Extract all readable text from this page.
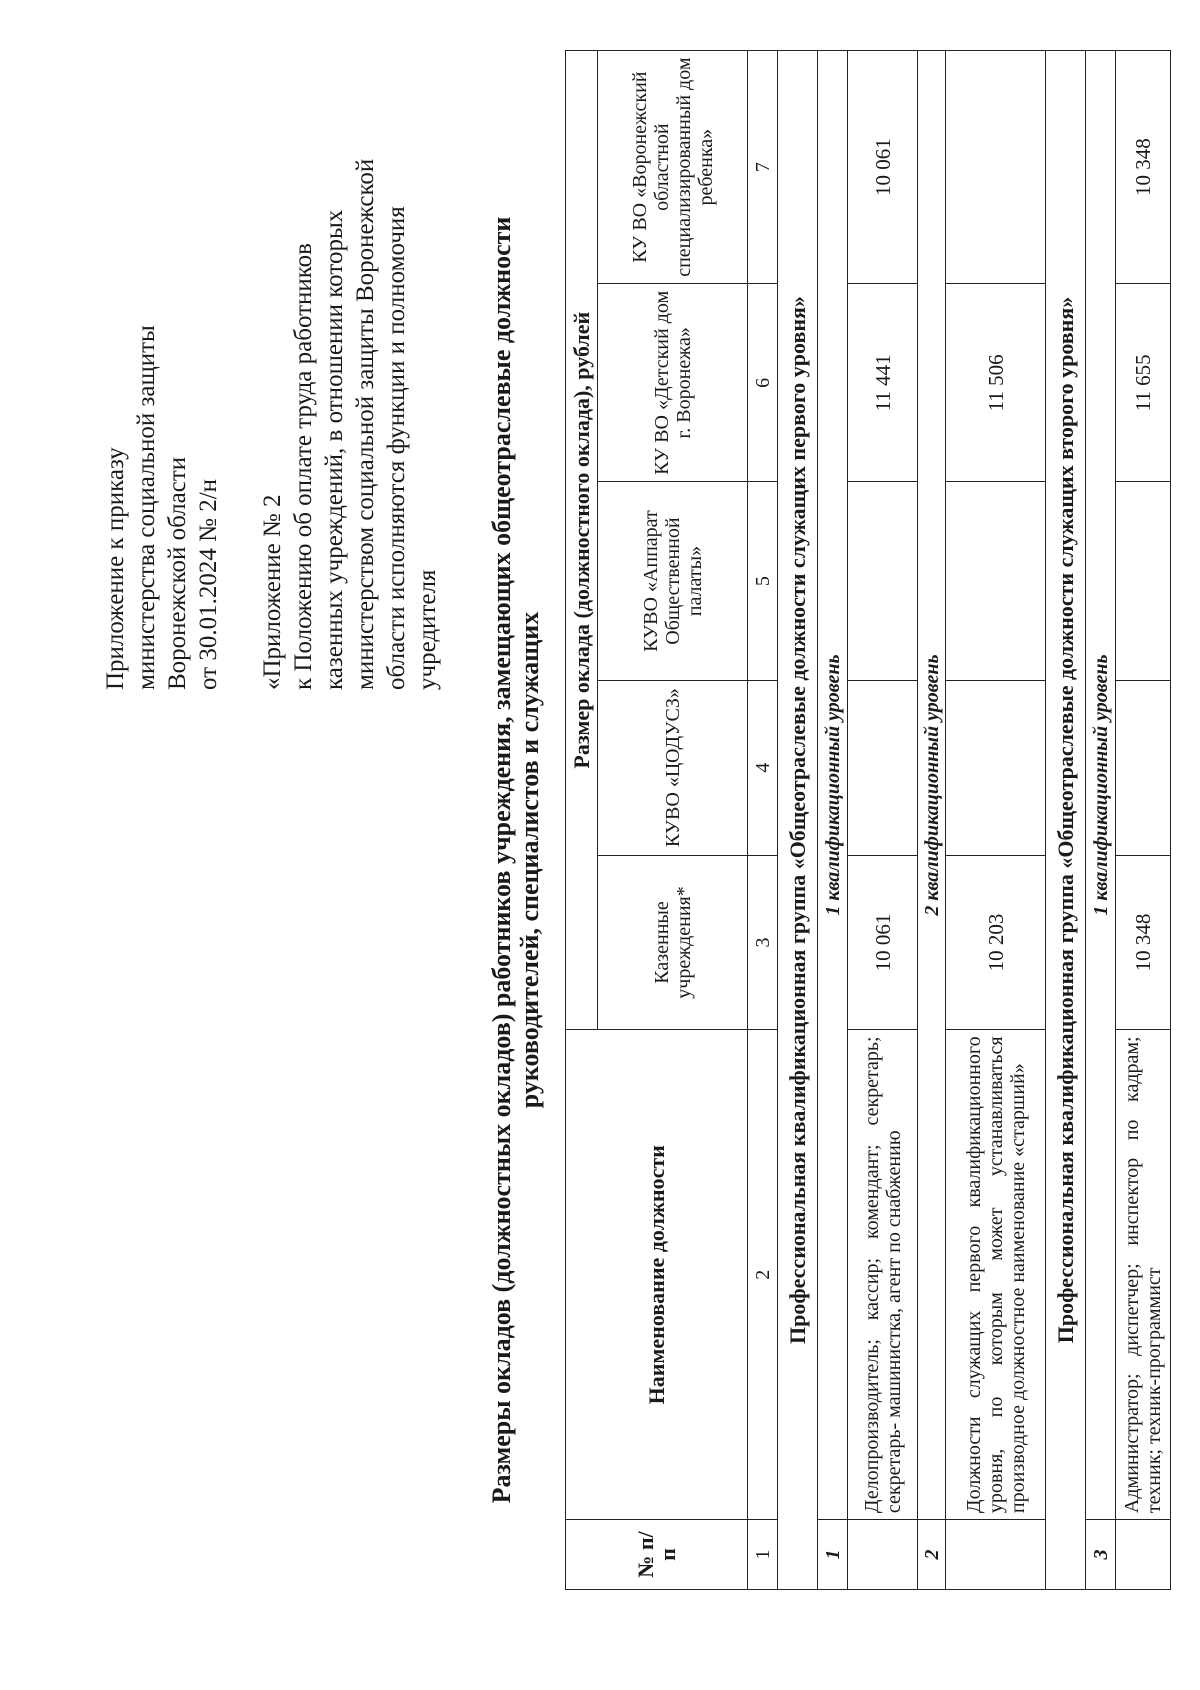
Приложение к приказу министерства социальной защиты Воронежской области от 30.01.2024 № 2/н «Приложение № 2 к Положению об оплате труда работников казенных учреждений, в отношении которых министерством социальной защиты Воронежской области исполняются функции и полномочия учредителя Размеры окладов (должностных окладов) работников учреждения, замещающих общеотраслевые должности руководителей, специалистов и служащих
№ п/п	Наименование должности	Размер оклада (должностного оклада), рублей				
		Казенные учреждения*	КУВО «ЦОДУСЗ»	КУВО «Аппарат Общественной палаты»	КУ ВО «Детский дом г. Воронежа»	КУ ВО «Воронежский областной специализированный дом ребенка»
1	2	3	4	5	6	7
Профессиональная квалификационная группа «Общеотраслевые должности служащих первого уровня»						
1	1 квалификационный уровень					
	Делопроизводитель; кассир; комендант; секретарь; секретарь- машинистка, агент по снабжению	10 061			11 441	10 061
2	2 квалификационный уровень					
	Должности служащих первого квалификационного уровня, по которым может устанавливаться производное должностное наименование «старший»	10 203			11 506	
Профессиональная квалификационная группа «Общеотраслевые должности служащих второго уровня»						
3	1 квалификационный уровень					
	Администратор; диспетчер; инспектор по кадрам; техник; техник-программист	10 348			11 655	10 348
